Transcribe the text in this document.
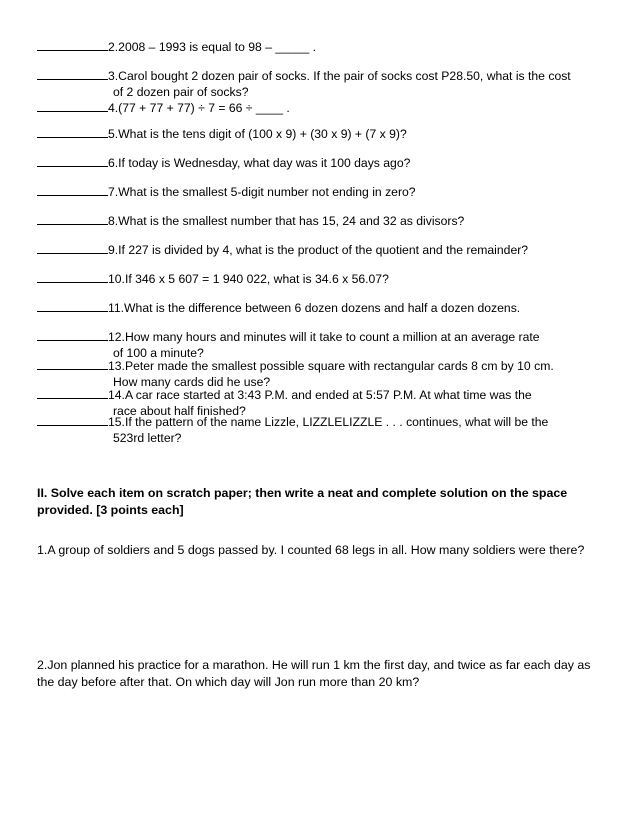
2.2008 – 1993 is equal to 98 – _____ .
3.Carol bought 2 dozen pair of socks. If the pair of socks cost P28.50, what is the cost
of 2 dozen pair of socks?
4.(77 + 77 + 77) ÷ 7 = 66 ÷ ____ .
5.What is the tens digit of (100 x 9) + (30 x 9) + (7 x 9)?
6.If today is Wednesday, what day was it 100 days ago?
7.What is the smallest 5-digit number not ending in zero?
8.What is the smallest number that has 15, 24 and 32 as divisors?
9.If 227 is divided by 4, what is the product of the quotient and the remainder?
10.If 346 x 5 607 = 1 940 022, what is 34.6 x 56.07?
11.What is the difference between 6 dozen dozens and half a dozen dozens.
12.How many hours and minutes will it take to count a million at an average rate
of 100 a minute?
13.Peter made the smallest possible square with rectangular cards 8 cm by 10 cm.
How many cards did he use?
14.A car race started at 3:43 P.M. and ended at 5:57 P.M. At what time was the
race about half finished?
15.If the pattern of the name Lizzle, LIZZLELIZZLE . . . continues, what will be the
523rd letter?
II. Solve each item on scratch paper; then write a neat and complete solution on the space
provided. [3 points each]
1.A group of soldiers and 5 dogs passed by. I counted 68 legs in all. How many soldiers were there?
2.Jon planned his practice for a marathon. He will run 1 km the first day, and twice as far each day as
the day before after that. On which day will Jon run more than 20 km?
